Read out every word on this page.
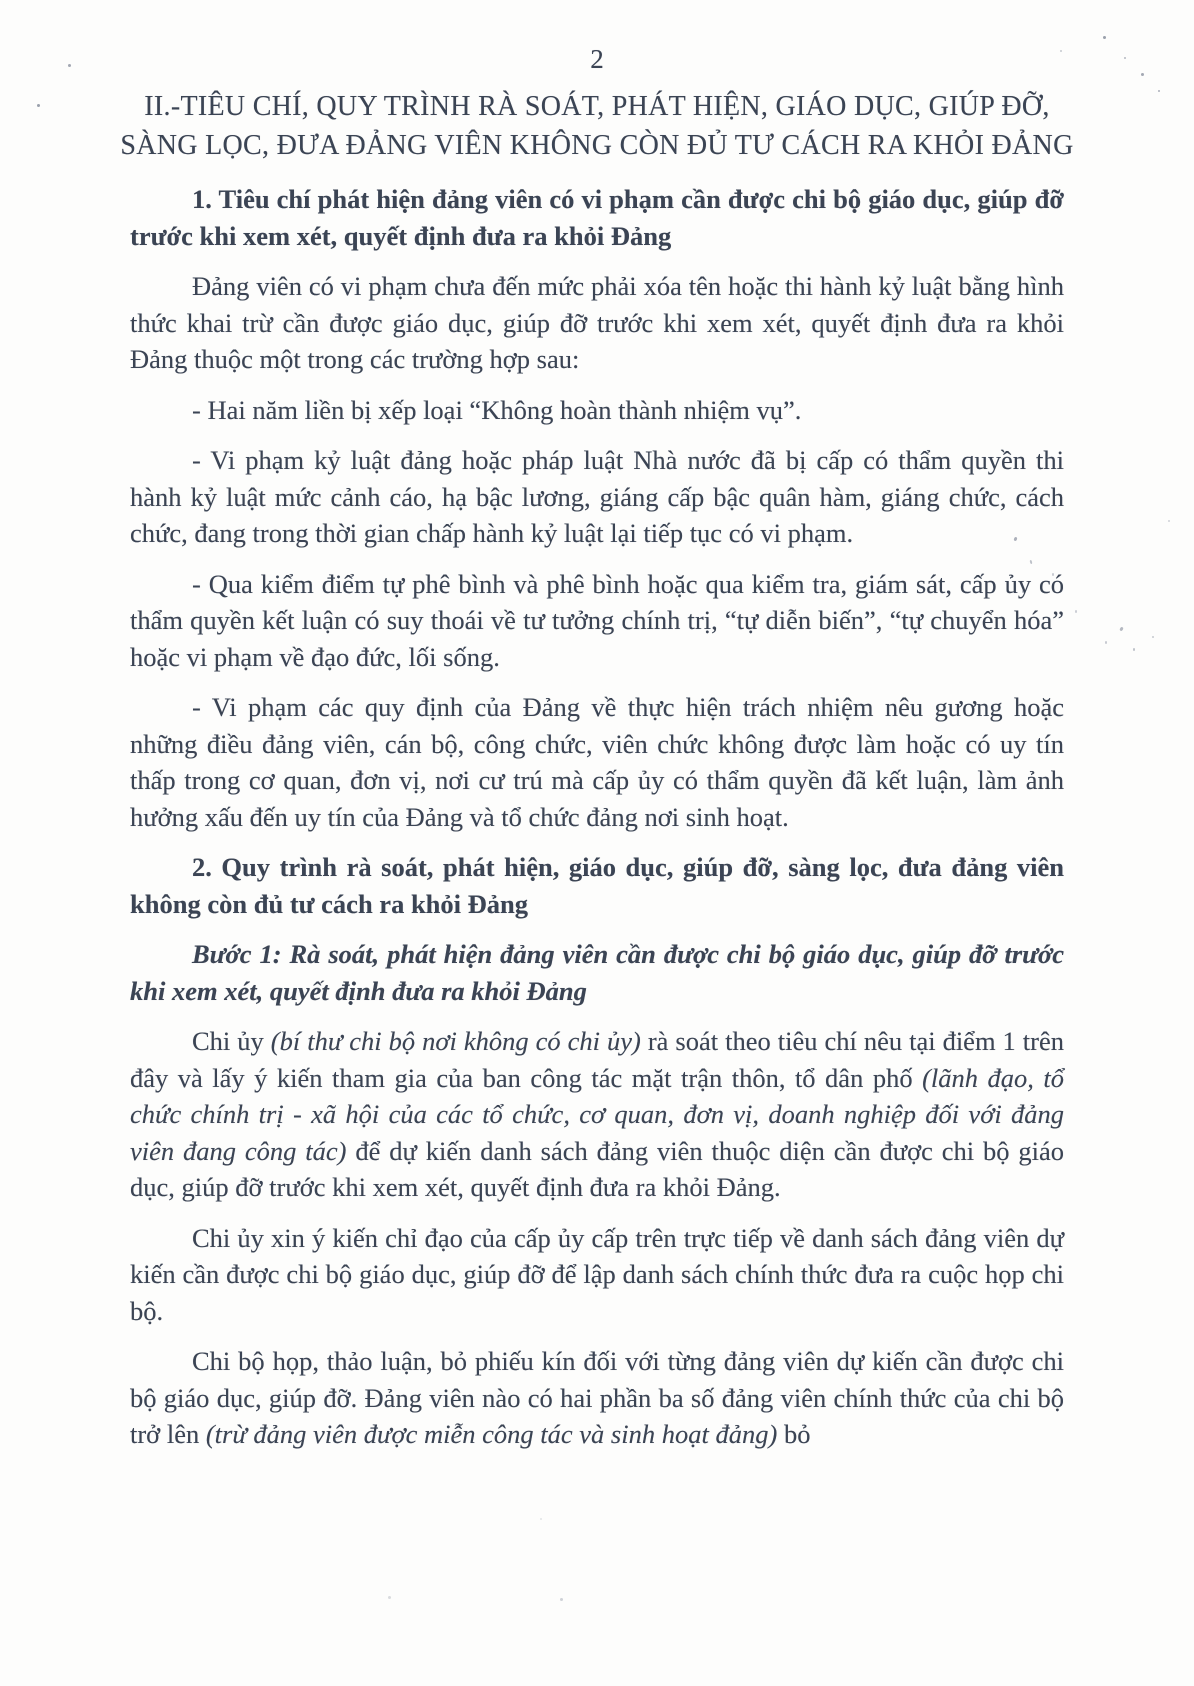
2
II.-TIÊU CHÍ, QUY TRÌNH RÀ SOÁT, PHÁT HIỆN, GIÁO DỤC, GIÚP ĐỠ,
SÀNG LỌC, ĐƯA ĐẢNG VIÊN KHÔNG CÒN ĐỦ TƯ CÁCH RA KHỎI ĐẢNG

1. Tiêu chí phát hiện đảng viên có vi phạm cần được chi bộ giáo dục, giúp đỡ trước khi xem xét, quyết định đưa ra khỏi Đảng

Đảng viên có vi phạm chưa đến mức phải xóa tên hoặc thi hành kỷ luật bằng hình thức khai trừ cần được giáo dục, giúp đỡ trước khi xem xét, quyết định đưa ra khỏi Đảng thuộc một trong các trường hợp sau:

- Hai năm liền bị xếp loại “Không hoàn thành nhiệm vụ”.

- Vi phạm kỷ luật đảng hoặc pháp luật Nhà nước đã bị cấp có thẩm quyền thi hành kỷ luật mức cảnh cáo, hạ bậc lương, giáng cấp bậc quân hàm, giáng chức, cách chức, đang trong thời gian chấp hành kỷ luật lại tiếp tục có vi phạm.

- Qua kiểm điểm tự phê bình và phê bình hoặc qua kiểm tra, giám sát, cấp ủy có thẩm quyền kết luận có suy thoái về tư tưởng chính trị, “tự diễn biến”, “tự chuyển hóa” hoặc vi phạm về đạo đức, lối sống.

- Vi phạm các quy định của Đảng về thực hiện trách nhiệm nêu gương hoặc những điều đảng viên, cán bộ, công chức, viên chức không được làm hoặc có uy tín thấp trong cơ quan, đơn vị, nơi cư trú mà cấp ủy có thẩm quyền đã kết luận, làm ảnh hưởng xấu đến uy tín của Đảng và tổ chức đảng nơi sinh hoạt.

2. Quy trình rà soát, phát hiện, giáo dục, giúp đỡ, sàng lọc, đưa đảng viên không còn đủ tư cách ra khỏi Đảng

Bước 1: Rà soát, phát hiện đảng viên cần được chi bộ giáo dục, giúp đỡ trước khi xem xét, quyết định đưa ra khỏi Đảng

Chi ủy (bí thư chi bộ nơi không có chi ủy) rà soát theo tiêu chí nêu tại điểm 1 trên đây và lấy ý kiến tham gia của ban công tác mặt trận thôn, tổ dân phố (lãnh đạo, tổ chức chính trị - xã hội của các tổ chức, cơ quan, đơn vị, doanh nghiệp đối với đảng viên đang công tác) để dự kiến danh sách đảng viên thuộc diện cần được chi bộ giáo dục, giúp đỡ trước khi xem xét, quyết định đưa ra khỏi Đảng.

Chi ủy xin ý kiến chỉ đạo của cấp ủy cấp trên trực tiếp về danh sách đảng viên dự kiến cần được chi bộ giáo dục, giúp đỡ để lập danh sách chính thức đưa ra cuộc họp chi bộ.

Chi bộ họp, thảo luận, bỏ phiếu kín đối với từng đảng viên dự kiến cần được chi bộ giáo dục, giúp đỡ. Đảng viên nào có hai phần ba số đảng viên chính thức của chi bộ trở lên (trừ đảng viên được miễn công tác và sinh hoạt đảng) bỏ
